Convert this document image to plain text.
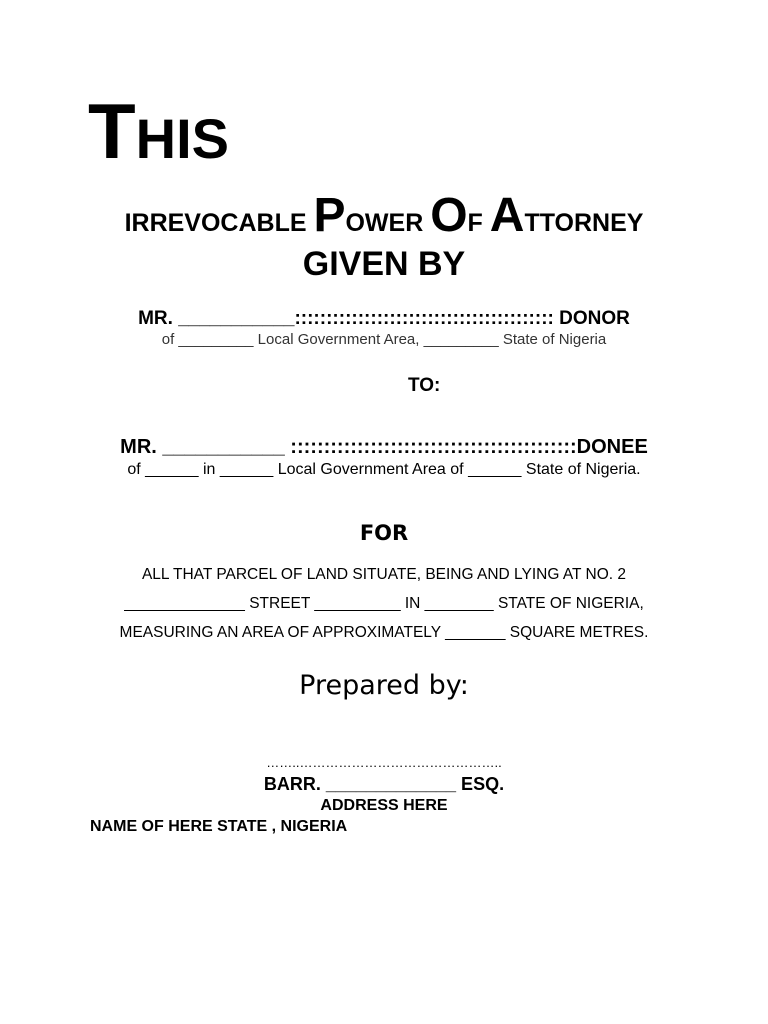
THIS
IRREVOCABLE POWER OF ATTORNEY
GIVEN BY
MR. ___________::::::::::::::::::::::::::::::::::::::::: DONOR
of _________ Local Government Area, _________ State of Nigeria
TO:
MR. ___________ :::::::::::::::::::::::::::::::::::::::::::DONEE
of ______ in ______ Local Government Area of ______ State of Nigeria.
FOR
ALL THAT PARCEL OF LAND SITUATE, BEING AND LYING AT NO. 2
______________ STREET __________ IN ________ STATE OF NIGERIA,
MEASURING AN AREA OF APPROXIMATELY _______ SQUARE METRES.
Prepared by:
……..………………………………………..
BARR. _____________ ESQ.
ADDRESS HERE
NAME OF HERE STATE , NIGERIA
